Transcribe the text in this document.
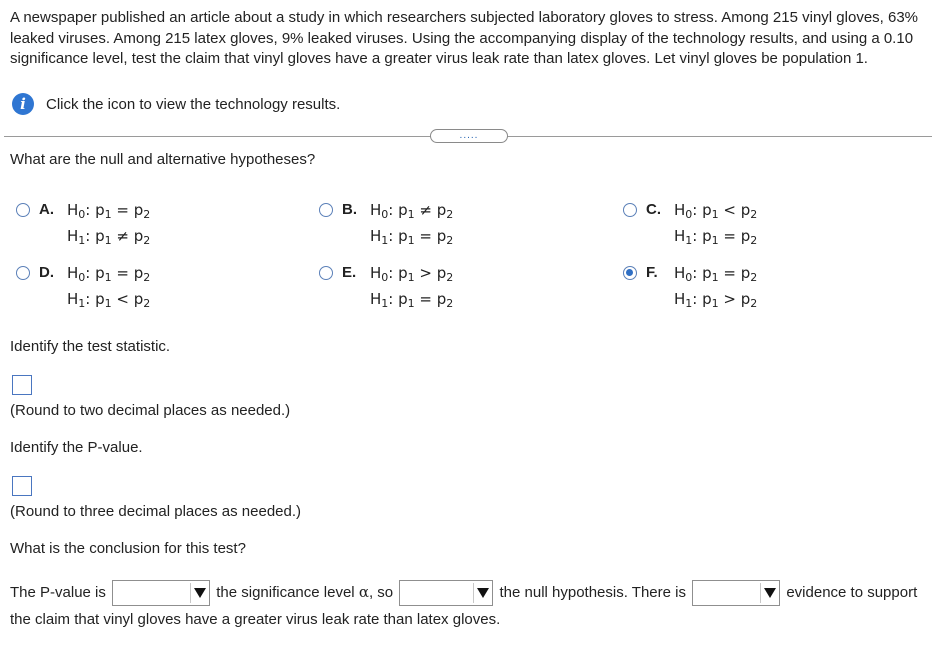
A newspaper published an article about a study in which researchers subjected laboratory gloves to stress. Among 215 vinyl gloves, 63% leaked viruses. Among 215 latex gloves, 9% leaked viruses. Using the accompanying display of the technology results, and using a 0.10 significance level, test the claim that vinyl gloves have a greater virus leak rate than latex gloves. Let vinyl gloves be population 1.

i	Click the icon to view the technology results.
.....
What are the null and alternative hypotheses?
A. $H_0$: $p_1 = p_2$
$H_1$: $p_1 \ne p_2$
B. $H_0$: $p_1 \ne p_2$
$H_1$: $p_1 = p_2$
C. $H_0$: $p_1 < p_2$
$H_1$: $p_1 = p_2$
D. $H_0$: $p_1 = p_2$
$H_1$: $p_1 < p_2$
E. $H_0$: $p_1 > p_2$
$H_1$: $p_1 = p_2$
F.	$H_0$: $p_1 = p_2$
$H_1$: $p_1 > p_2$
Identify the test statistic.
(Round to two decimal places as needed.)
Identify the P-value.
(Round to three decimal places as needed.)
What is the conclusion for this test?
The P-value is	the significance level α, so	the null hypothesis. There is	evidence to support the claim that vinyl gloves have a greater virus leak rate than latex gloves.
